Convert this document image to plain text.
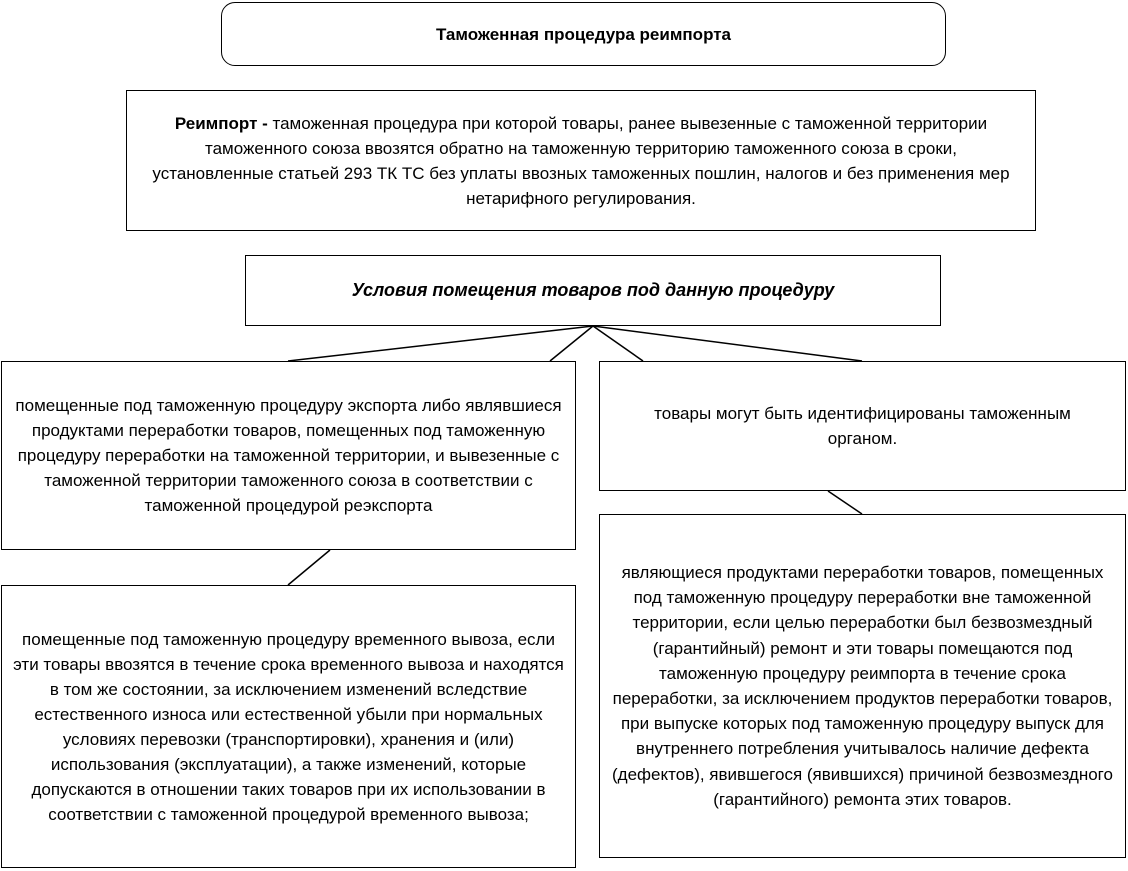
Таможенная процедура реимпорта
Реимпорт - таможенная процедура при которой товары, ранее вывезенные с таможенной территории таможенного союза ввозятся обратно на таможенную территорию таможенного союза в сроки, установленные статьей 293 ТК ТС без уплаты ввозных таможенных пошлин, налогов и без применения мер нетарифного регулирования.
Условия помещения товаров под данную процедуру
помещенные под таможенную процедуру экспорта либо являвшиеся продуктами переработки товаров, помещенных под таможенную процедуру переработки на таможенной территории, и вывезенные с таможенной территории таможенного союза в соответствии с таможенной процедурой реэкспорта
товары могут быть идентифицированы таможенным органом.
помещенные под таможенную процедуру временного вывоза, если эти товары ввозятся в течение срока временного вывоза и находятся в том же состоянии, за исключением изменений вследствие естественного износа или естественной убыли при нормальных условиях перевозки (транспортировки), хранения и (или) использования (эксплуатации), а также изменений, которые допускаются в отношении таких товаров при их использовании в соответствии с таможенной процедурой временного вывоза;
являющиеся продуктами переработки товаров, помещенных под таможенную процедуру переработки вне таможенной территории, если целью переработки был безвозмездный (гарантийный) ремонт и эти товары помещаются под таможенную процедуру реимпорта в течение срока переработки, за исключением продуктов переработки товаров, при выпуске которых под таможенную процедуру выпуск для внутреннего потребления учитывалось наличие дефекта (дефектов), явившегося (явившихся) причиной безвозмездного (гарантийного) ремонта этих товаров.
